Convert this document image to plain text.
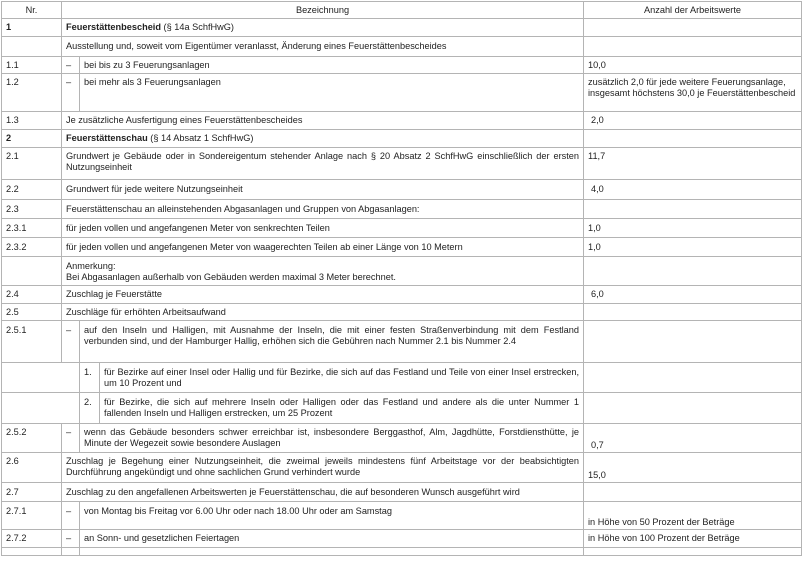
Nr.	Bezeichnung			Anzahl der Arbeitswerte
1	Feuerstättenbescheid (§ 14a SchfHwG)			
	Ausstellung und, soweit vom Eigentümer veranlasst, Änderung eines Feuerstättenbescheides			
1.1	–	bei bis zu 3 Feuerungsanlagen		10,0
1.2	–	bei mehr als 3 Feuerungsanlagen		zusätzlich 2,0 für jede weitere Feuerungsanlage, insgesamt höchstens 30,0 je Feuerstättenbescheid
1.3	Je zusätzliche Ausfertigung eines Feuerstättenbescheides			2,0
2	Feuerstättenschau (§ 14 Absatz 1 SchfHwG)			
2.1	Grundwert je Gebäude oder in Sondereigentum stehender Anlage nach § 20 Absatz 2 SchfHwG einschließlich der ersten Nutzungseinheit			11,7
2.2	Grundwert für jede weitere Nutzungseinheit			4,0
2.3	Feuerstättenschau an alleinstehenden Abgasanlagen und Gruppen von Abgasanlagen:			
2.3.1	für jeden vollen und angefangenen Meter von senkrechten Teilen			1,0
2.3.2	für jeden vollen und angefangenen Meter von waagerechten Teilen ab einer Länge von 10 Metern			1,0

	Anmerkung:
Bei Abgasanlagen außerhalb von Gebäuden werden maximal 3 Meter berechnet.			

2.4	Zuschlag je Feuerstätte			6,0
2.5	Zuschläge für erhöhten Arbeitsaufwand			
2.5.1	–	auf den Inseln und Halligen, mit Ausnahme der Inseln, die mit einer festen Straßenverbindung mit dem Festland verbunden sind, und der Hamburger Hallig, erhöhen sich die Gebühren nach Nummer 2.1 bis Nummer 2.4		
		1.	für Bezirke auf einer Insel oder Hallig und für Bezirke, die sich auf das Festland und Teile von einer Insel erstrecken, um 10 Prozent und	
		2.	für Bezirke, die sich auf mehrere Inseln oder Halligen oder das Festland und andere als die unter Nummer 1 fallenden Inseln und Halligen erstrecken, um 25 Prozent	
2.5.2	–	wenn das Gebäude besonders schwer erreichbar ist, insbesondere Berggasthof, Alm, Jagdhütte, Forstdiensthütte, je Minute der Wegezeit sowie besondere Auslagen		0,7
2.6	Zuschlag je Begehung einer Nutzungseinheit, die zweimal jeweils mindestens fünf Arbeitstage vor der beabsichtigten Durchführung angekündigt und ohne sachlichen Grund verhindert wurde			15,0
2.7	Zuschlag zu den angefallenen Arbeitswerten je Feuerstättenschau, die auf besonderen Wunsch ausgeführt wird			
2.7.1	–	von Montag bis Freitag vor 6.00 Uhr oder nach 18.00 Uhr oder am Samstag		in Höhe von 50 Prozent der Beträge
2.7.2	–	an Sonn- und gesetzlichen Feiertagen		in Höhe von 100 Prozent der Beträge
